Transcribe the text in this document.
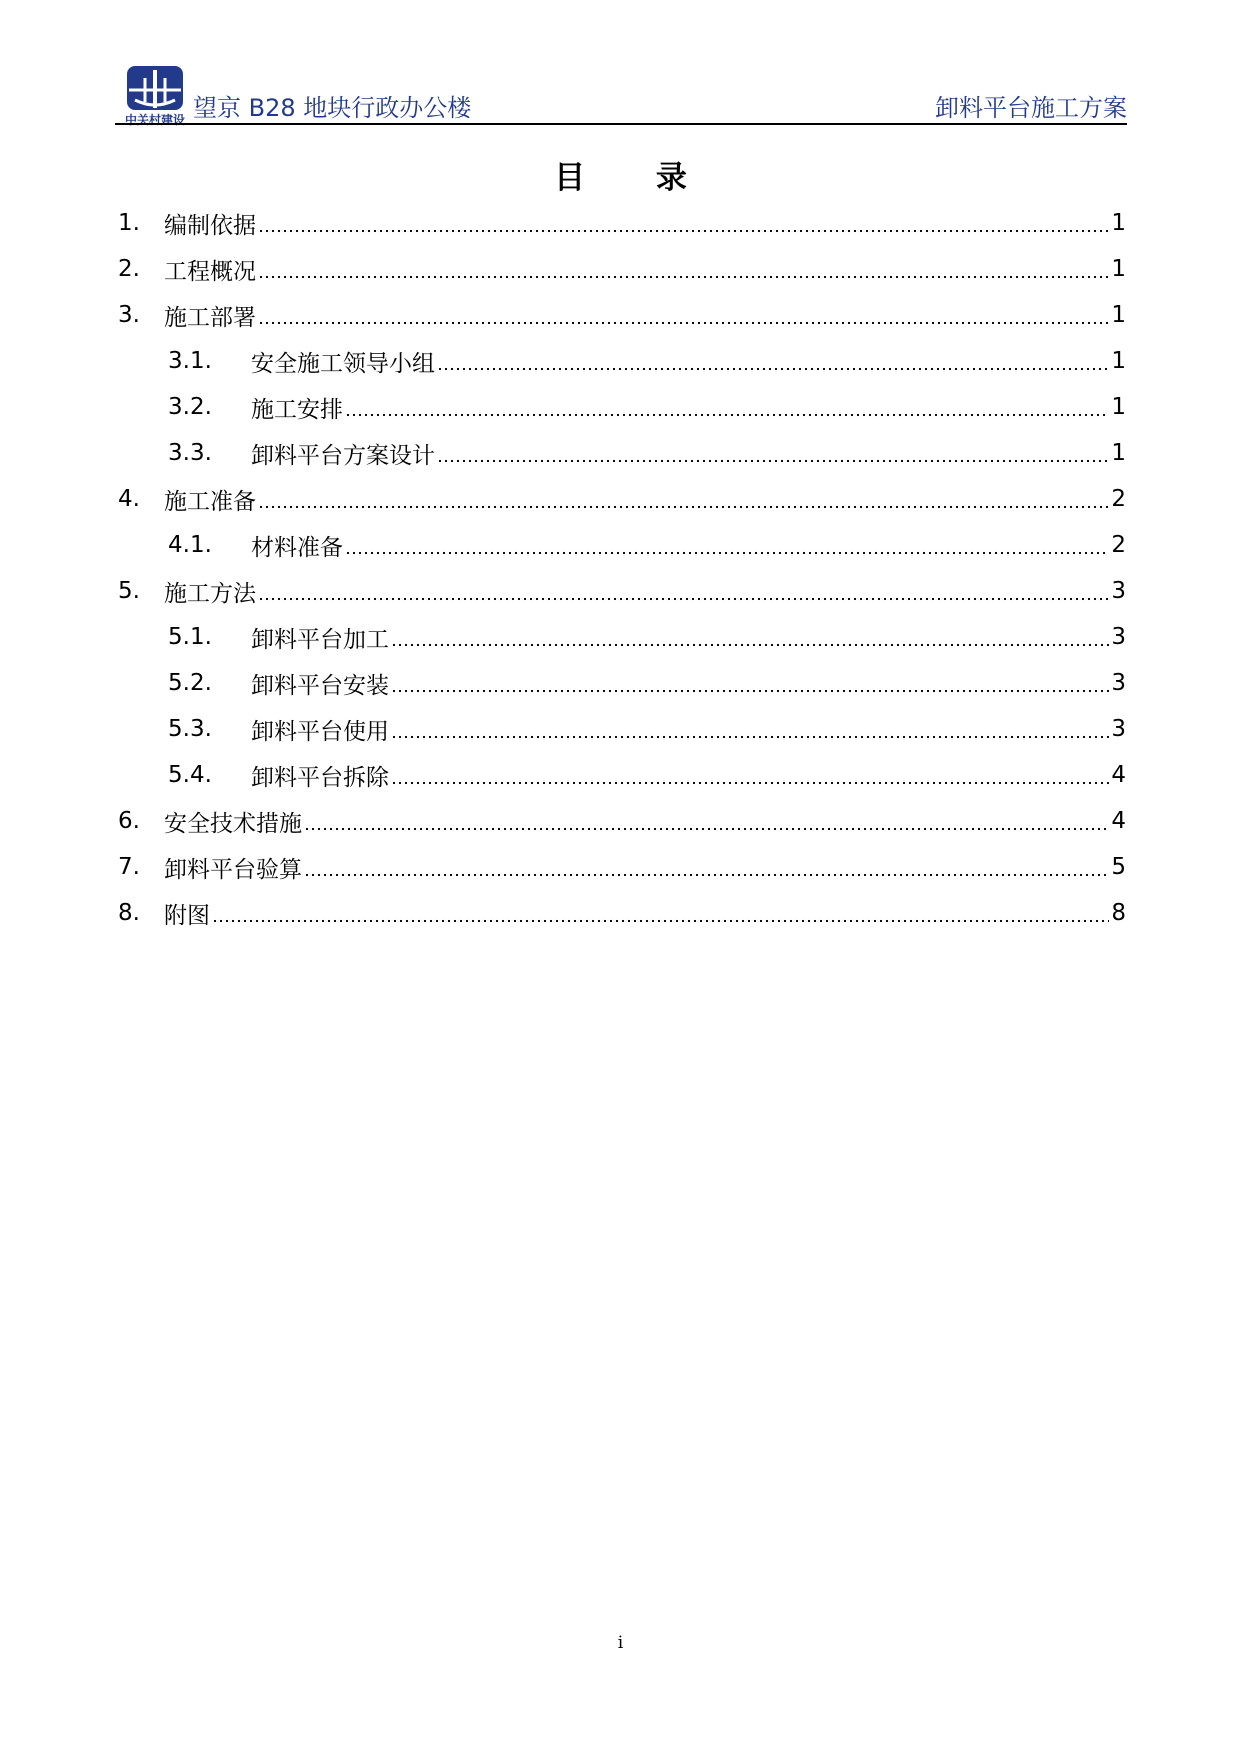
中关村建设 望京 B28 地块行政办公楼	卸料平台施工方案
目 录
1.	编制依据	1
2.	工程概况	1
3.	施工部署	1
3.1.	安全施工领导小组	1
3.2.	施工安排	1
3.3.	卸料平台方案设计	1
4.	施工准备	2
4.1.	材料准备	2
5.	施工方法	3
5.1.	卸料平台加工	3
5.2.	卸料平台安装	3
5.3.	卸料平台使用	3
5.4.	卸料平台拆除	4
6.	安全技术措施	4
7.	卸料平台验算	5
8.	附图	8
i
